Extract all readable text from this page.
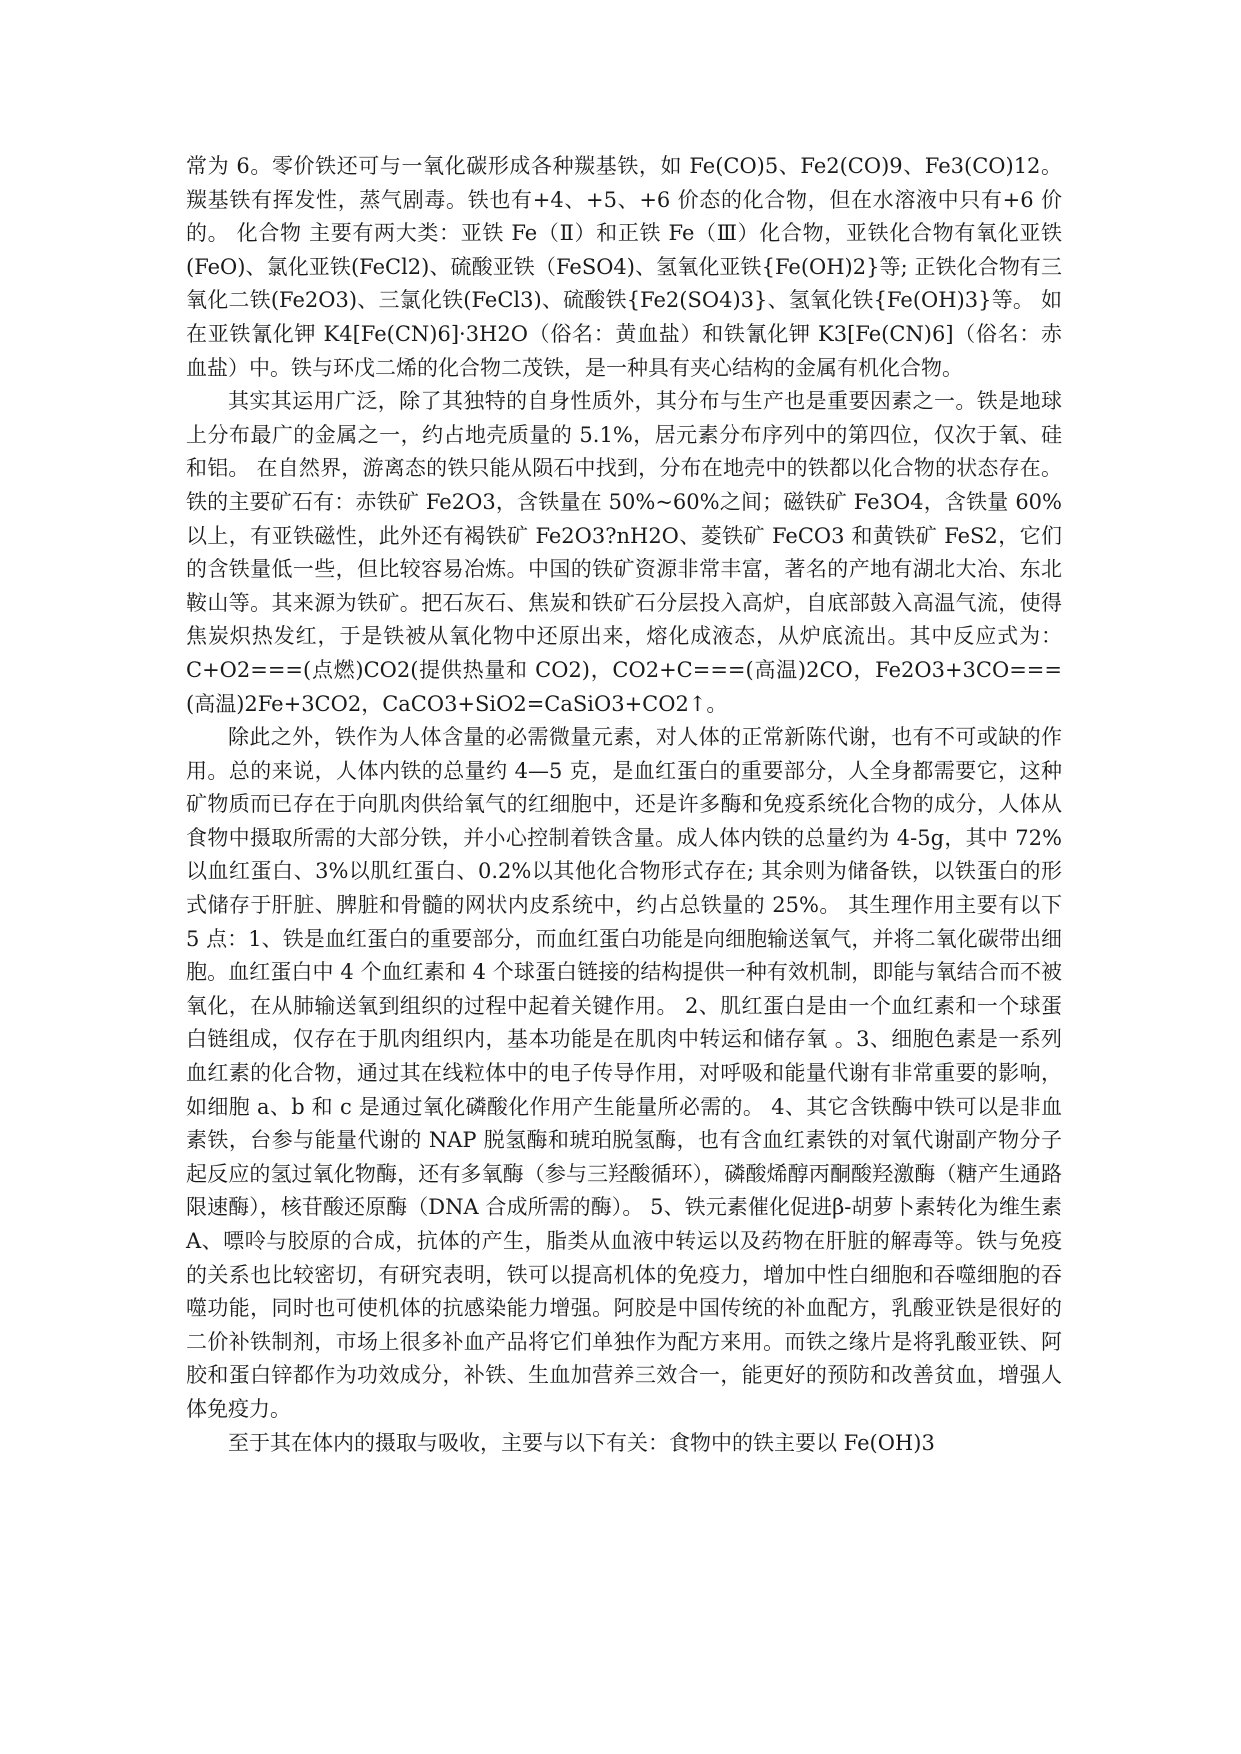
常为 6。零价铁还可与一氧化碳形成各种羰基铁，如 Fe(CO)5、Fe2(CO)9、Fe3(CO)12。羰基铁有挥发性，蒸气剧毒。铁也有+4、+5、+6 价态的化合物，但在水溶液中只有+6 价的。 化合物 主要有两大类：亚铁 Fe（Ⅱ）和正铁 Fe（Ⅲ）化合物，亚铁化合物有氧化亚铁(FeO)、氯化亚铁(FeCl2)、硫酸亚铁（FeSO4)、氢氧化亚铁{Fe(OH)2}等; 正铁化合物有三氧化二铁(Fe2O3)、三氯化铁(FeCl3)、硫酸铁{Fe2(SO4)3}、氢氧化铁{Fe(OH)3}等。 如在亚铁氰化钾 K4[Fe(CN)6]·3H2O（俗名：黄血盐）和铁氰化钾 K3[Fe(CN)6]（俗名：赤血盐）中。铁与环戊二烯的化合物二茂铁，是一种具有夹心结构的金属有机化合物。

其实其运用广泛，除了其独特的自身性质外，其分布与生产也是重要因素之一。铁是地球上分布最广的金属之一，约占地壳质量的 5.1%，居元素分布序列中的第四位，仅次于氧、硅和铝。 在自然界，游离态的铁只能从陨石中找到，分布在地壳中的铁都以化合物的状态存在。铁的主要矿石有：赤铁矿 Fe2O3，含铁量在 50%~60%之间；磁铁矿 Fe3O4，含铁量 60%以上，有亚铁磁性，此外还有褐铁矿 Fe2O3?nH2O、菱铁矿 FeCO3 和黄铁矿 FeS2，它们的含铁量低一些，但比较容易冶炼。中国的铁矿资源非常丰富，著名的产地有湖北大冶、东北鞍山等。其来源为铁矿。把石灰石、焦炭和铁矿石分层投入高炉，自底部鼓入高温气流，使得焦炭炽热发红，于是铁被从氧化物中还原出来，熔化成液态，从炉底流出。其中反应式为：C+O2===(点燃)CO2(提供热量和 CO2)，CO2+C===(高温)2CO，Fe2O3+3CO===(高温)2Fe+3CO2，CaCO3+SiO2=CaSiO3+CO2↑。

除此之外，铁作为人体含量的必需微量元素，对人体的正常新陈代谢，也有不可或缺的作用。总的来说，人体内铁的总量约 4—5 克，是血红蛋白的重要部分，人全身都需要它，这种矿物质而已存在于向肌肉供给氧气的红细胞中，还是许多酶和免疫系统化合物的成分，人体从食物中摄取所需的大部分铁，并小心控制着铁含量。成人体内铁的总量约为 4-5g，其中 72%以血红蛋白、3%以肌红蛋白、0.2%以其他化合物形式存在; 其余则为储备铁，以铁蛋白的形式储存于肝脏、脾脏和骨髓的网状内皮系统中，约占总铁量的 25%。 其生理作用主要有以下 5 点：1、铁是血红蛋白的重要部分，而血红蛋白功能是向细胞输送氧气，并将二氧化碳带出细胞。血红蛋白中 4 个血红素和 4 个球蛋白链接的结构提供一种有效机制，即能与氧结合而不被氧化，在从肺输送氧到组织的过程中起着关键作用。 2、肌红蛋白是由一个血红素和一个球蛋白链组成，仅存在于肌肉组织内，基本功能是在肌肉中转运和储存氧 。3、细胞色素是一系列血红素的化合物，通过其在线粒体中的电子传导作用，对呼吸和能量代谢有非常重要的影响，如细胞 a、b 和 c 是通过氧化磷酸化作用产生能量所必需的。 4、其它含铁酶中铁可以是非血素铁，台参与能量代谢的 NAP 脱氢酶和琥珀脱氢酶，也有含血红素铁的对氧代谢副产物分子起反应的氢过氧化物酶，还有多氧酶（参与三羟酸循环），磷酸烯醇丙酮酸羟激酶（糖产生通路限速酶），核苷酸还原酶（DNA 合成所需的酶）。 5、铁元素催化促进β-胡萝卜素转化为维生素 A、嘌呤与胶原的合成，抗体的产生，脂类从血液中转运以及药物在肝脏的解毒等。铁与免疫的关系也比较密切，有研究表明，铁可以提高机体的免疫力，增加中性白细胞和吞噬细胞的吞噬功能，同时也可使机体的抗感染能力增强。阿胶是中国传统的补血配方，乳酸亚铁是很好的二价补铁制剂，市场上很多补血产品将它们单独作为配方来用。而铁之缘片是将乳酸亚铁、阿胶和蛋白锌都作为功效成分，补铁、生血加营养三效合一，能更好的预防和改善贫血，增强人体免疫力。

至于其在体内的摄取与吸收，主要与以下有关：食物中的铁主要以 Fe(OH)3
